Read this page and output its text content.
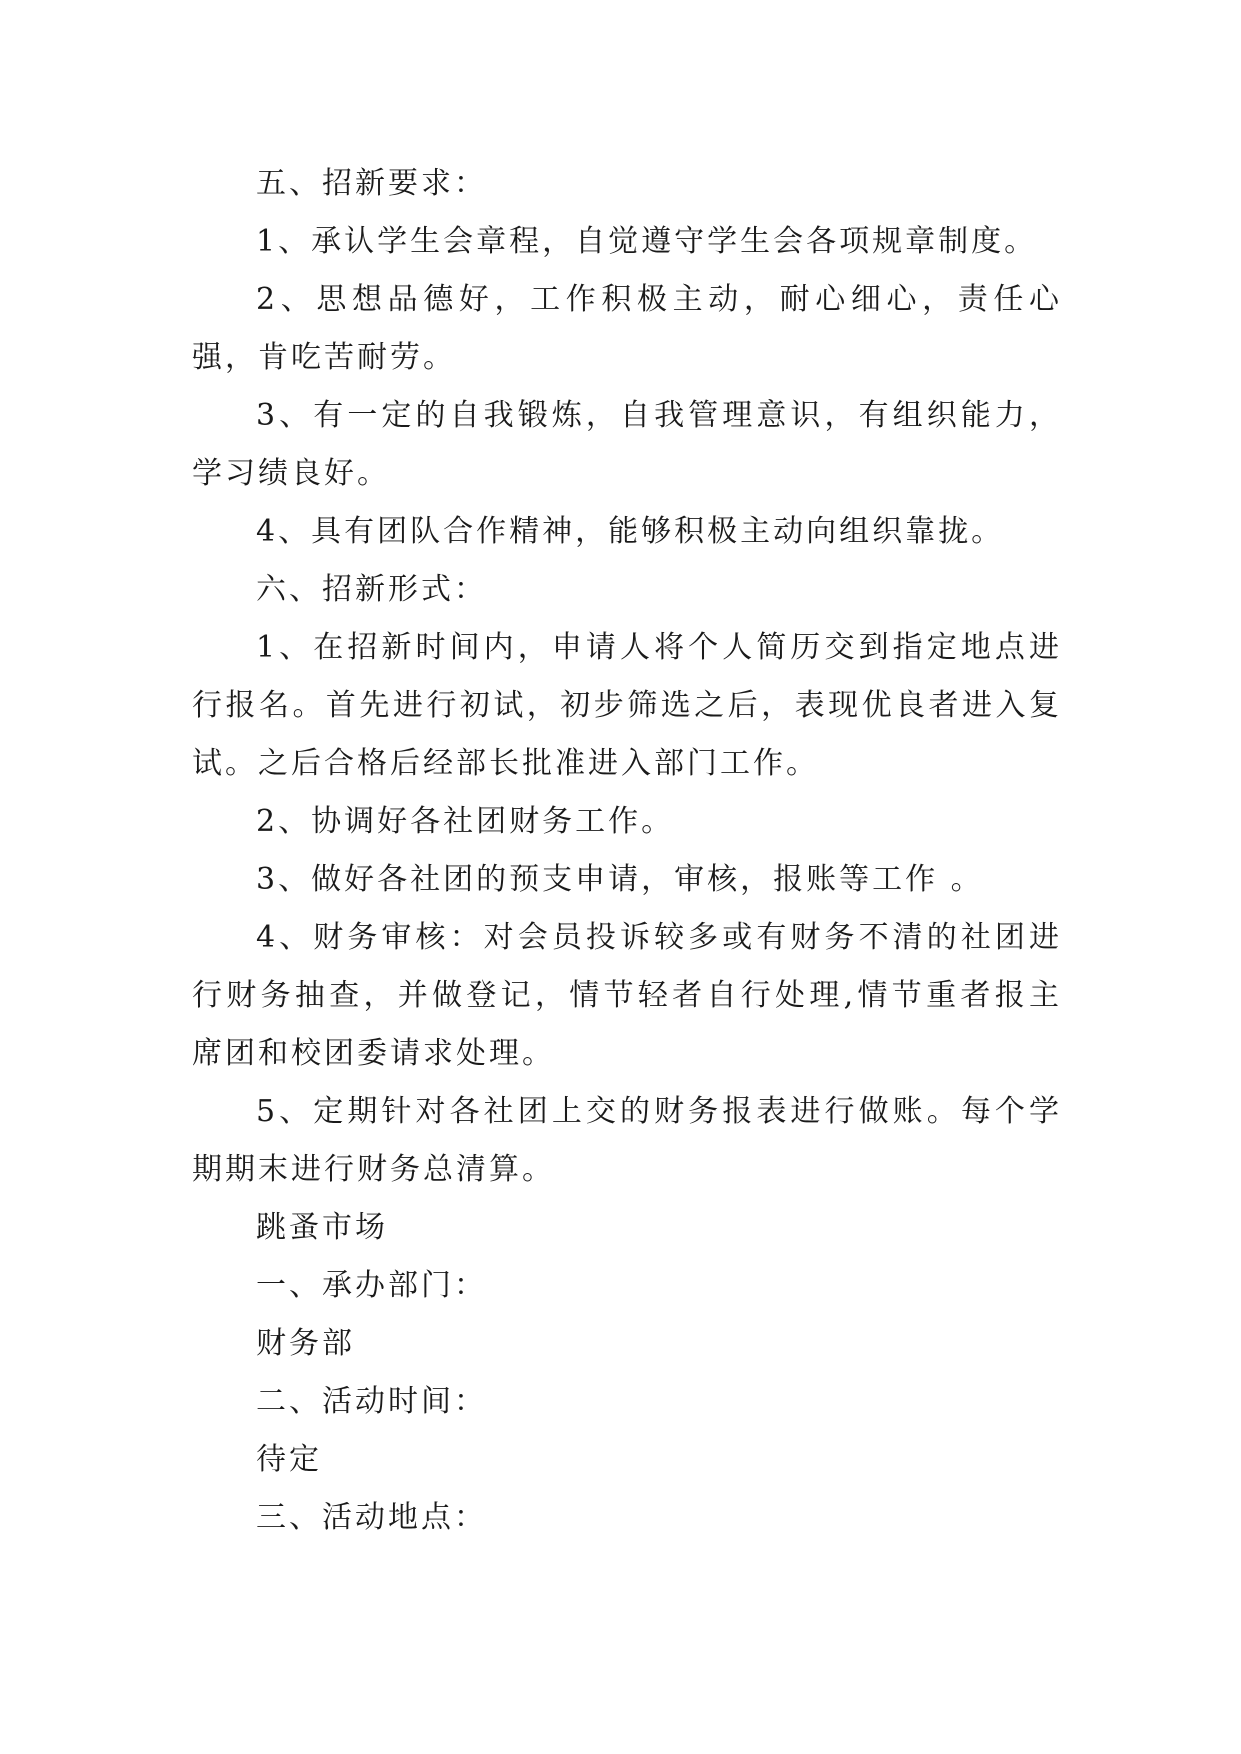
五、招新要求：

1、承认学生会章程，自觉遵守学生会各项规章制度。

2、思想品德好，工作积极主动，耐心细心，责任心强，肯吃苦耐劳。

3、有一定的自我锻炼，自我管理意识，有组织能力，学习绩良好。

4、具有团队合作精神，能够积极主动向组织靠拢。

六、招新形式：

1、在招新时间内，申请人将个人简历交到指定地点进行报名。首先进行初试，初步筛选之后，表现优良者进入复试。之后合格后经部长批准进入部门工作。

2、协调好各社团财务工作。

3、做好各社团的预支申请，审核，报账等工作 。

4、财务审核：对会员投诉较多或有财务不清的社团进行财务抽查，并做登记，情节轻者自行处理,情节重者报主席团和校团委请求处理。

5、定期针对各社团上交的财务报表进行做账。每个学期期末进行财务总清算。

跳蚤市场

一、承办部门：

财务部

二、活动时间：

待定

三、活动地点：
